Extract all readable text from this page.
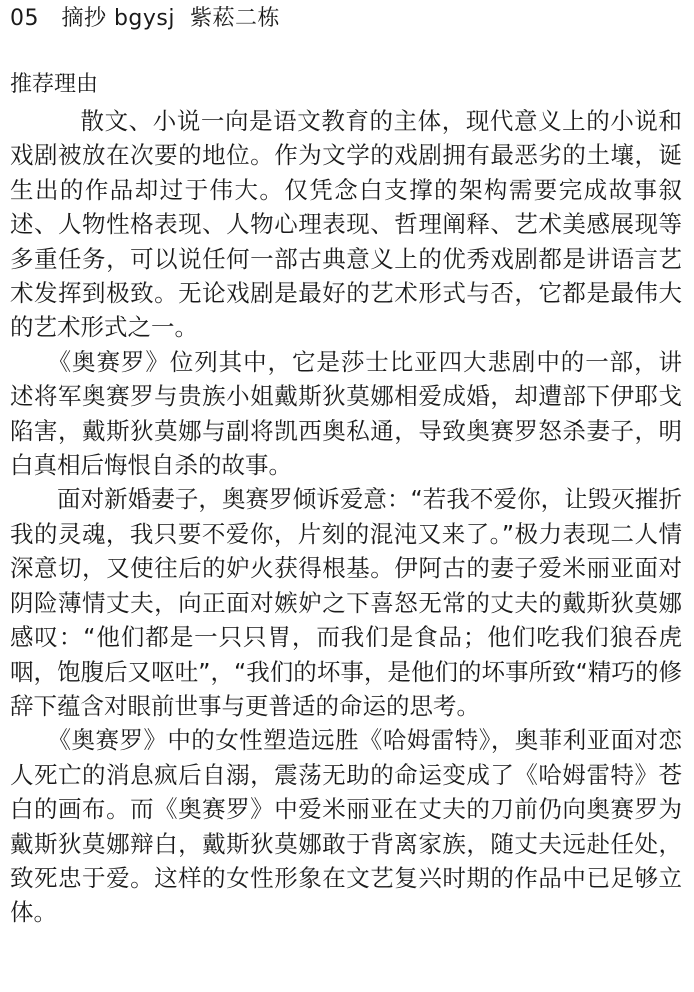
05   摘抄 bgysj  紫菘二栋
推荐理由

散文、小说一向是语文教育的主体，现代意义上的小说和戏剧被放在次要的地位。作为文学的戏剧拥有最恶劣的土壤，诞生出的作品却过于伟大。仅凭念白支撑的架构需要完成故事叙述、人物性格表现、人物心理表现、哲理阐释、艺术美感展现等多重任务，可以说任何一部古典意义上的优秀戏剧都是讲语言艺术发挥到极致。无论戏剧是最好的艺术形式与否，它都是最伟大的艺术形式之一。

《奥赛罗》位列其中，它是莎士比亚四大悲剧中的一部，讲述将军奥赛罗与贵族小姐戴斯狄莫娜相爱成婚，却遭部下伊耶戈陷害，戴斯狄莫娜与副将凯西奥私通，导致奥赛罗怒杀妻子，明白真相后悔恨自杀的故事。

面对新婚妻子，奥赛罗倾诉爱意：“若我不爱你，让毁灭摧折我的灵魂，我只要不爱你，片刻的混沌又来了。”极力表现二人情深意切，又使往后的妒火获得根基。伊阿古的妻子爱米丽亚面对阴险薄情丈夫，向正面对嫉妒之下喜怒无常的丈夫的戴斯狄莫娜感叹：“他们都是一只只胃，而我们是食品；他们吃我们狼吞虎咽，饱腹后又呕吐”，“我们的坏事，是他们的坏事所致“精巧的修辞下蕴含对眼前世事与更普适的命运的思考。

《奥赛罗》中的女性塑造远胜《哈姆雷特》，奥菲利亚面对恋人死亡的消息疯后自溺，震荡无助的命运变成了《哈姆雷特》苍白的画布。而《奥赛罗》中爱米丽亚在丈夫的刀前仍向奥赛罗为戴斯狄莫娜辩白，戴斯狄莫娜敢于背离家族，随丈夫远赴任处，致死忠于爱。这样的女性形象在文艺复兴时期的作品中已足够立体。
